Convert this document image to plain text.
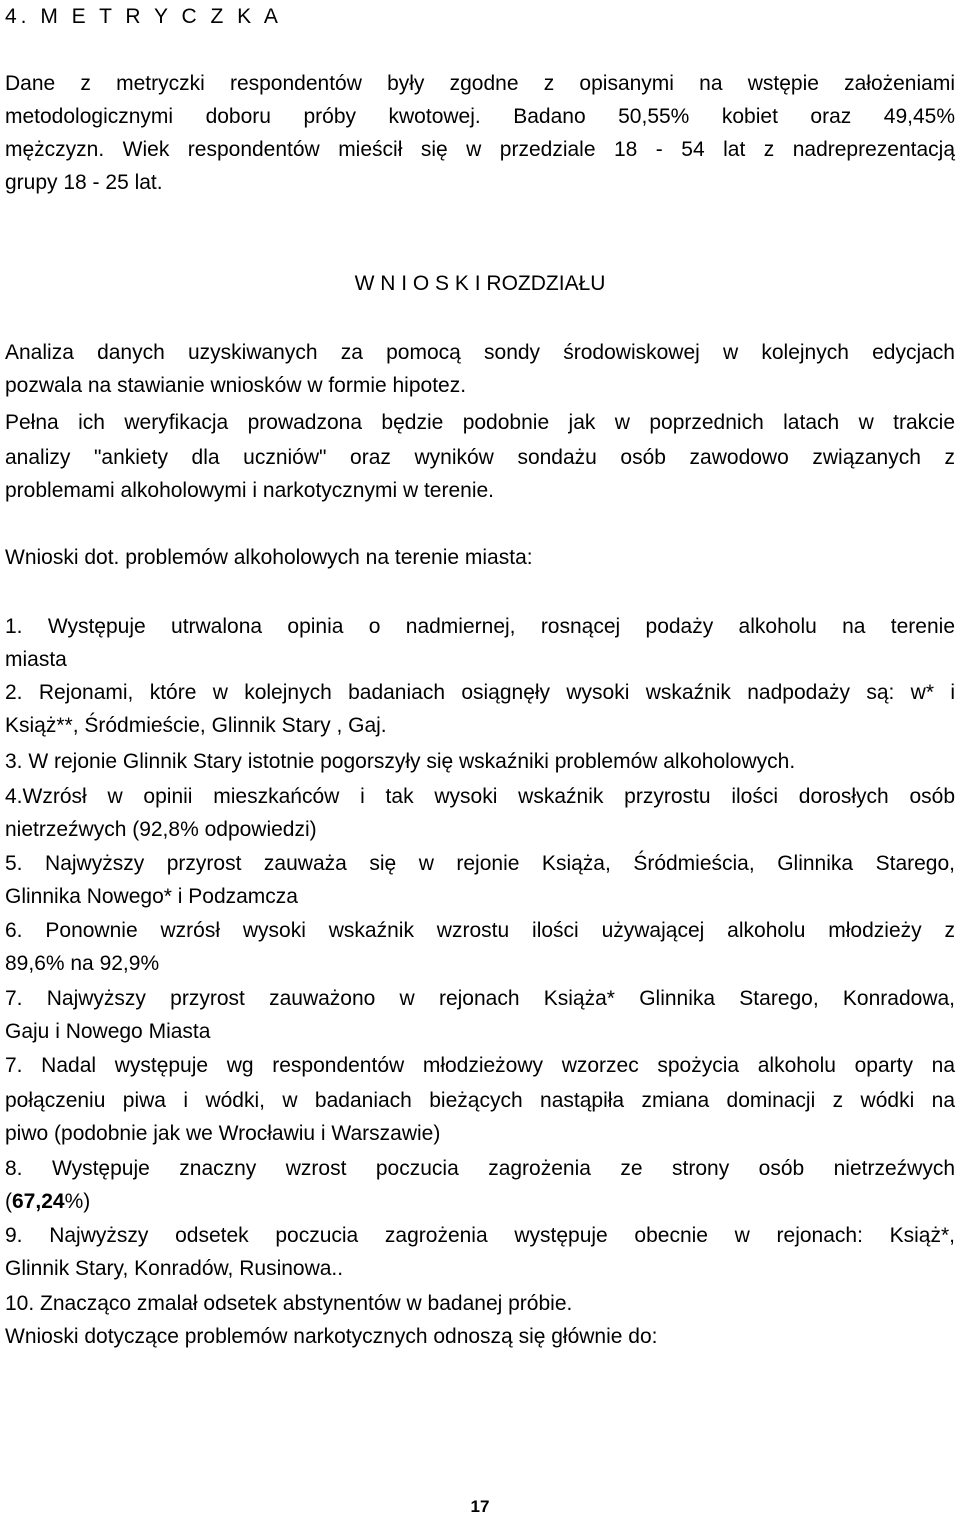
4. M E T R Y C Z K A

Dane z metryczki respondentów były zgodne z opisanymi na wstępie założeniami

metodologicznymi doboru próby kwotowej. Badano 50,55% kobiet oraz 49,45%

mężczyzn. Wiek respondentów mieścił się w przedziale 18 - 54 lat z nadreprezentacją

grupy 18 - 25 lat.

W N I O S K I ROZDZIAŁU

Analiza danych uzyskiwanych za pomocą sondy środowiskowej w kolejnych edycjach

pozwala na stawianie wniosków w formie hipotez.

Pełna ich weryfikacja prowadzona będzie podobnie jak w poprzednich latach w trakcie

analizy "ankiety dla uczniów" oraz wyników sondażu osób zawodowo związanych z

problemami alkoholowymi i narkotycznymi w terenie.

Wnioski dot. problemów alkoholowych na terenie miasta:

1. Występuje utrwalona opinia o nadmiernej, rosnącej podaży alkoholu na terenie

miasta

2. Rejonami, które w kolejnych badaniach osiągnęły wysoki wskaźnik nadpodaży są: w* i

Książ**, Śródmieście, Glinnik Stary , Gaj.

3. W rejonie Glinnik Stary istotnie pogorszyły się wskaźniki problemów alkoholowych.

4.Wzrósł w opinii mieszkańców i tak wysoki wskaźnik przyrostu ilości dorosłych osób

nietrzeźwych (92,8% odpowiedzi)

5. Najwyższy przyrost zauważa się w rejonie Książa, Śródmieścia, Glinnika Starego,

Glinnika Nowego* i Podzamcza

6. Ponownie wzrósł wysoki wskaźnik wzrostu ilości używającej alkoholu młodzieży z

89,6% na 92,9%

7. Najwyższy przyrost zauważono w rejonach Książa* Glinnika Starego, Konradowa,

Gaju i Nowego Miasta

7. Nadal występuje wg respondentów młodzieżowy wzorzec spożycia alkoholu oparty na

połączeniu piwa i wódki, w badaniach bieżących nastąpiła zmiana dominacji z wódki na

piwo (podobnie jak we Wrocławiu i Warszawie)

8. Występuje znaczny wzrost poczucia zagrożenia ze strony osób nietrzeźwych

(67,24%)

9. Najwyższy odsetek poczucia zagrożenia występuje obecnie w rejonach: Książ*,

Glinnik Stary, Konradów, Rusinowa..

10. Znacząco zmalał odsetek abstynentów w badanej próbie.

Wnioski dotyczące problemów narkotycznych odnoszą się głównie do:

17
